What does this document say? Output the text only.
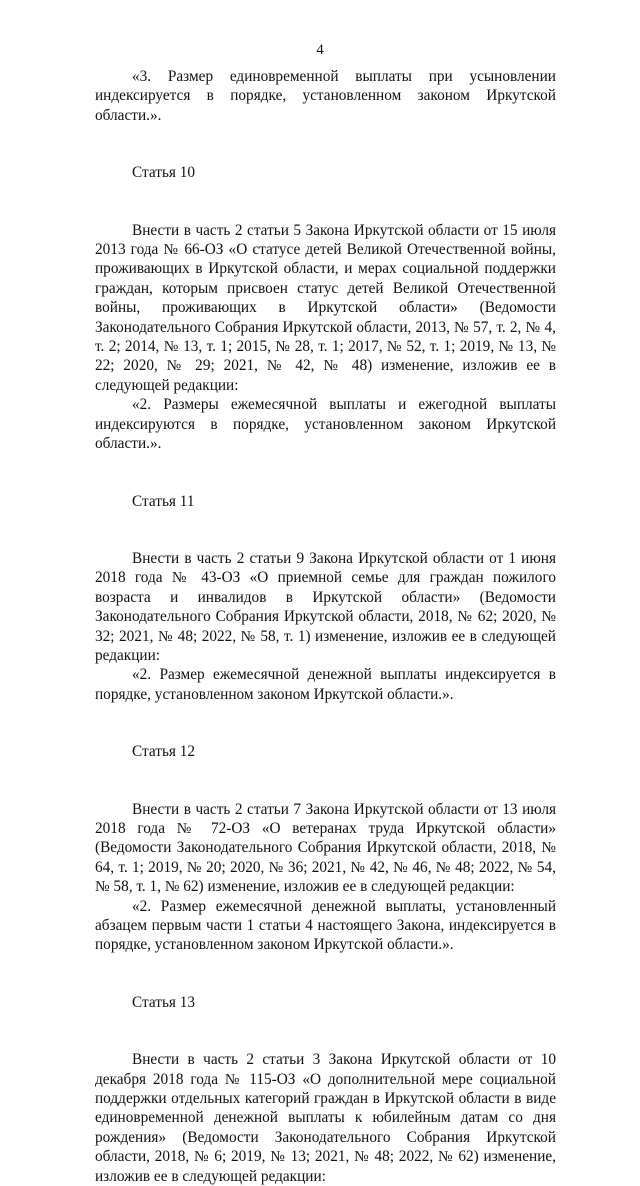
4

«3. Размер единовременной выплаты при усыновлении индексируется в порядке, установленном законом Иркутской области.».

Статья 10

Внести в часть 2 статьи 5 Закона Иркутской области от 15 июля 2013 года № 66-ОЗ «О статусе детей Великой Отечественной войны, проживающих в Иркутской области, и мерах социальной поддержки граждан, которым присвоен статус детей Великой Отечественной войны, проживающих в Иркутской области» (Ведомости Законодательного Собрания Иркутской области, 2013, № 57, т. 2, № 4, т. 2; 2014, № 13, т. 1; 2015, № 28, т. 1; 2017, № 52, т. 1; 2019, № 13, № 22; 2020, № 29; 2021, № 42, № 48) изменение, изложив ее в следующей редакции:

«2. Размеры ежемесячной выплаты и ежегодной выплаты индексируются в порядке, установленном законом Иркутской области.».

Статья 11

Внести в часть 2 статьи 9 Закона Иркутской области от 1 июня 2018 года № 43-ОЗ «О приемной семье для граждан пожилого возраста и инвалидов в Иркутской области» (Ведомости Законодательного Собрания Иркутской области, 2018, № 62; 2020, № 32; 2021, № 48; 2022, № 58, т. 1) изменение, изложив ее в следующей редакции:

«2. Размер ежемесячной денежной выплаты индексируется в порядке, установленном законом Иркутской области.».

Статья 12

Внести в часть 2 статьи 7 Закона Иркутской области от 13 июля 2018 года № 72-ОЗ «О ветеранах труда Иркутской области» (Ведомости Законодательного Собрания Иркутской области, 2018, № 64, т. 1; 2019, № 20; 2020, № 36; 2021, № 42, № 46, № 48; 2022, № 54, № 58, т. 1, № 62) изменение, изложив ее в следующей редакции:

«2. Размер ежемесячной денежной выплаты, установленный абзацем первым части 1 статьи 4 настоящего Закона, индексируется в порядке, установленном законом Иркутской области.».

Статья 13

Внести в часть 2 статьи 3 Закона Иркутской области от 10 декабря 2018 года № 115-ОЗ «О дополнительной мере социальной поддержки отдельных категорий граждан в Иркутской области в виде единовременной денежной выплаты к юбилейным датам со дня рождения» (Ведомости Законодательного Собрания Иркутской области, 2018, № 6; 2019, № 13; 2021, № 48; 2022, № 62) изменение, изложив ее в следующей редакции:
